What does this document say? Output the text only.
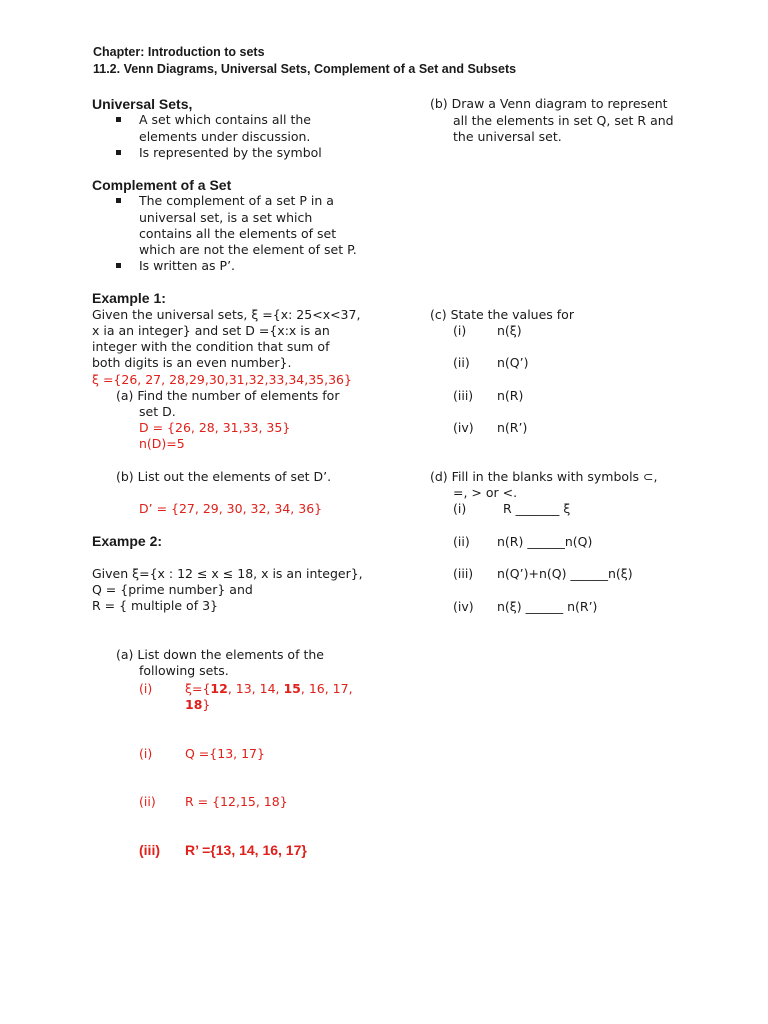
Chapter: Introduction to sets
11.2. Venn Diagrams, Universal Sets, Complement of a Set and Subsets
Universal Sets,
A set which contains all the
elements under discussion.
Is represented by the symbol
Complement of a Set
The complement of a set P in a
universal set, is a set which
contains all the elements of set
which are not the element of set P.
Is written as P’.
Example 1:
Given the universal sets, ξ ={x: 25<x<37,
x ia an integer} and set D ={x:x is an
integer with the condition that sum of
both digits is an even number}.
ξ ={26, 27, 28,29,30,31,32,33,34,35,36}
(a) Find the number of elements for
set D.
D = {26, 28, 31,33, 35}
n(D)=5
(b) List out the elements of set D’.
D’ = {27, 29, 30, 32, 34, 36}
Exampe 2:
Given ξ={x : 12 ≤ x ≤ 18, x is an integer},
Q = {prime number} and
R = { multiple of 3}
(a) List down the elements of the
following sets.
(i)	ξ={12, 13, 14, 15, 16, 17,
18}
(i)	Q ={13, 17}
(ii) R = {12,15, 18}
(iii) R’ ={13, 14, 16, 17}
(b) Draw a Venn diagram to represent
all the elements in set Q, set R and
the universal set.
(c) State the values for
(i) n(ξ)
(ii) n(Q’)
(iii) n(R)
(iv) n(R’)
(d) Fill in the blanks with symbols ⊂,
=, > or <.
(i)	R _______ ξ
(ii) n(R) ______n(Q)
(iii) n(Q’)+n(Q) ______n(ξ)
(iv) n(ξ) ______ n(R’)
